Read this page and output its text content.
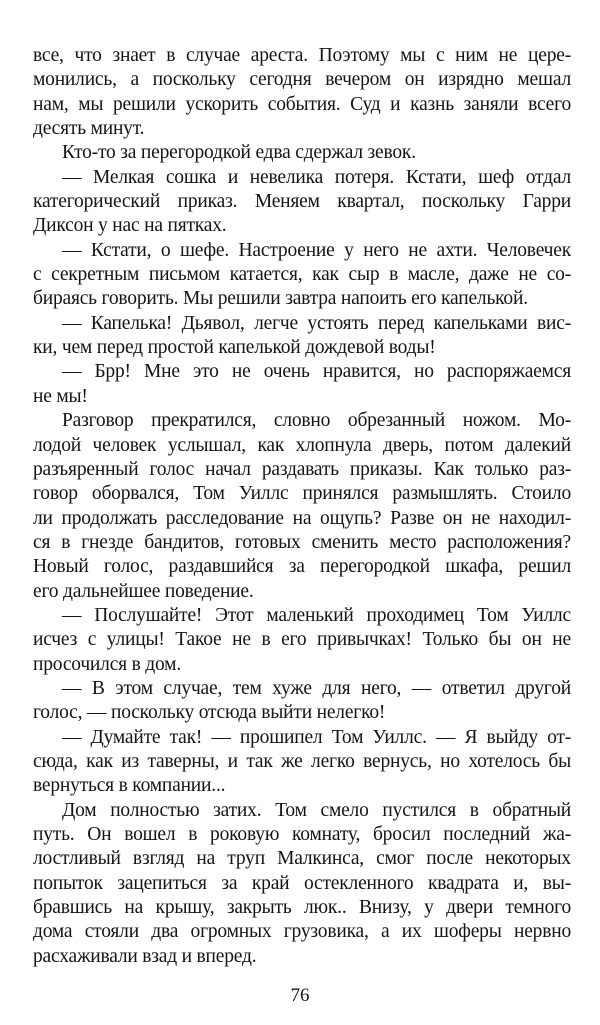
все, что знает в случае ареста. Поэтому мы с ним не цере-
монились, а поскольку сегодня вечером он изрядно мешал
нам, мы решили ускорить события. Суд и казнь заняли всего
десять минут.
Кто-то за перегородкой едва сдержал зевок.
— Мелкая сошка и невелика потеря. Кстати, шеф отдал
категорический приказ. Меняем квартал, поскольку Гарри
Диксон у нас на пятках.
— Кстати, о шефе. Настроение у него не ахти. Человечек
с секретным письмом катается, как сыр в масле, даже не со-
бираясь говорить. Мы решили завтра напоить его капелькой.
— Капелька! Дьявол, легче устоять перед капельками вис-
ки, чем перед простой капелькой дождевой воды!
— Брр! Мне это не очень нравится, но распоряжаемся
не мы!
Разговор прекратился, словно обрезанный ножом. Мо-
лодой человек услышал, как хлопнула дверь, потом далекий
разъяренный голос начал раздавать приказы. Как только раз-
говор оборвался, Том Уиллс принялся размышлять. Стоило
ли продолжать расследование на ощупь? Разве он не находил-
ся в гнезде бандитов, готовых сменить место расположения?
Новый голос, раздавшийся за перегородкой шкафа, решил
его дальнейшее поведение.
— Послушайте! Этот маленький проходимец Том Уиллс
исчез с улицы! Такое не в его привычках! Только бы он не
просочился в дом.
— В этом случае, тем хуже для него, — ответил другой
голос, — поскольку отсюда выйти нелегко!
— Думайте так! — прошипел Том Уиллс. — Я выйду от-
сюда, как из таверны, и так же легко вернусь, но хотелось бы
вернуться в компании...
Дом полностью затих. Том смело пустился в обратный
путь. Он вошел в роковую комнату, бросил последний жа-
лостливый взгляд на труп Малкинса, смог после некоторых
попыток зацепиться за край остекленного квадрата и, вы-
бравшись на крышу, закрыть люк.. Внизу, у двери темного
дома стояли два огромных грузовика, а их шоферы нервно
расхаживали взад и вперед.
76
